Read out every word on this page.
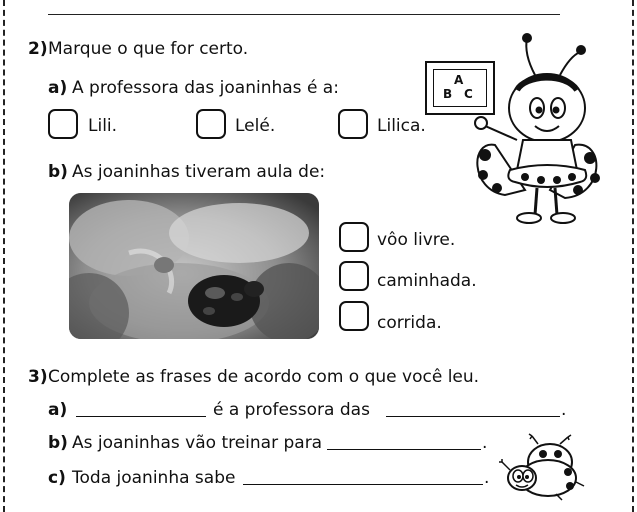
2) Marque o que for certo.
a) A professora das joaninhas é a:
Lili.	Lelé.	Lilica.
b) As joaninhas tiveram aula de:
vôo livre.
caminhada.
corrida.
A
B C
3) Complete as frases de acordo com o que você leu.
a)	é a professora das	.
b) As joaninhas vão treinar para	.
c) Toda joaninha sabe	.
